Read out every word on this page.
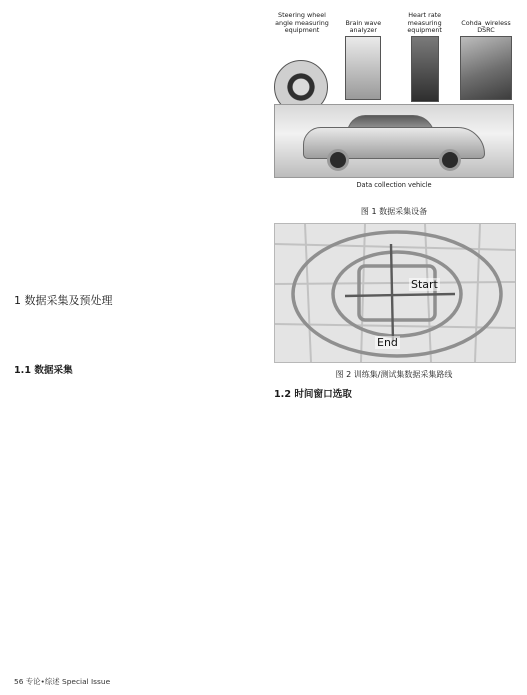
1 数据采集及预处理

1.1 数据采集

Steering wheel angle measuring equipment
Brain wave analyzer
Heart rate measuring equipment
Cohda_wireless DSRC
Data collection vehicle
图 1 数据采集设备
Start
End
图 2 训练集/测试集数据采集路线
1.2 时间窗口选取

56 专论•综述 Special Issue
